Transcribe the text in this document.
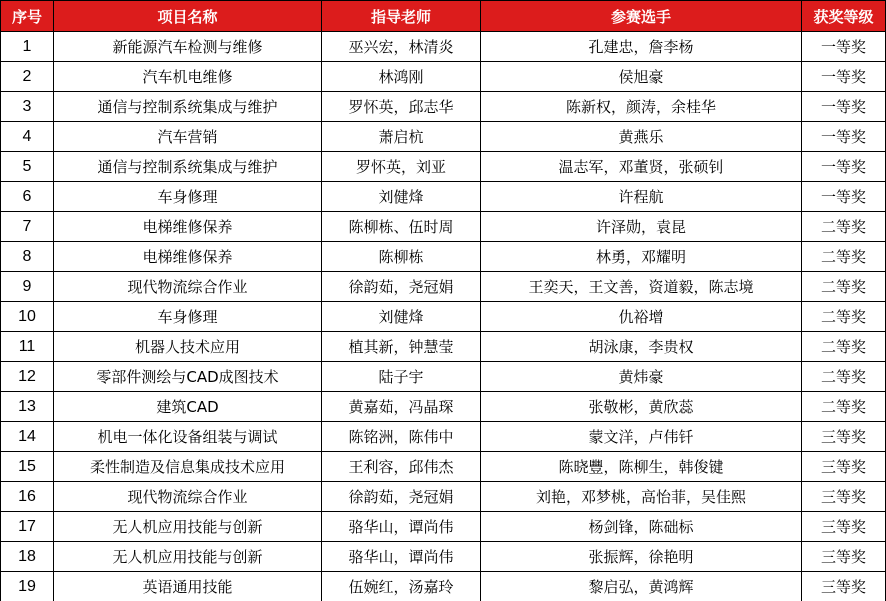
序号	项目名称	指导老师	参赛选手	获奖等级
1	新能源汽车检测与维修	巫兴宏，林清炎	孔建忠，詹李杨	一等奖
2	汽车机电维修	林鸿刚	侯旭豪	一等奖
3	通信与控制系统集成与维护	罗怀英，邱志华	陈新权，颜涛，余桂华	一等奖
4	汽车营销	萧启杭	黄燕乐	一等奖
5	通信与控制系统集成与维护	罗怀英，刘亚	温志军，邓董贤，张硕钊	一等奖
6	车身修理	刘健烽	许程航	一等奖
7	电梯维修保养	陈柳栋、伍时周	许泽勋，袁昆	二等奖
8	电梯维修保养	陈柳栋	林勇，邓耀明	二等奖
9	现代物流综合作业	徐韵茹，尧冠娟	王奕天，王文善，资道毅，陈志境	二等奖
10	车身修理	刘健烽	仇裕增	二等奖
11	机器人技术应用	植其新，钟慧莹	胡泳康，李贵权	二等奖
12	零部件测绘与CAD成图技术	陆子宇	黄炜豪	二等奖
13	建筑CAD	黄嘉茹，冯晶琛	张敬彬，黄欣蕊	二等奖
14	机电一体化设备组装与调试	陈铭洲，陈伟中	蒙文洋，卢伟钎	三等奖
15	柔性制造及信息集成技术应用	王利容，邱伟杰	陈晓豐，陈柳生，韩俊键	三等奖
16	现代物流综合作业	徐韵茹，尧冠娟	刘艳，邓梦桃，高怡菲，吴佳熙	三等奖
17	无人机应用技能与创新	骆华山，谭尚伟	杨剑锋，陈础标	三等奖
18	无人机应用技能与创新	骆华山，谭尚伟	张振辉，徐艳明	三等奖
19	英语通用技能	伍婉红，汤嘉玲	黎启弘，黄鸿辉	三等奖
